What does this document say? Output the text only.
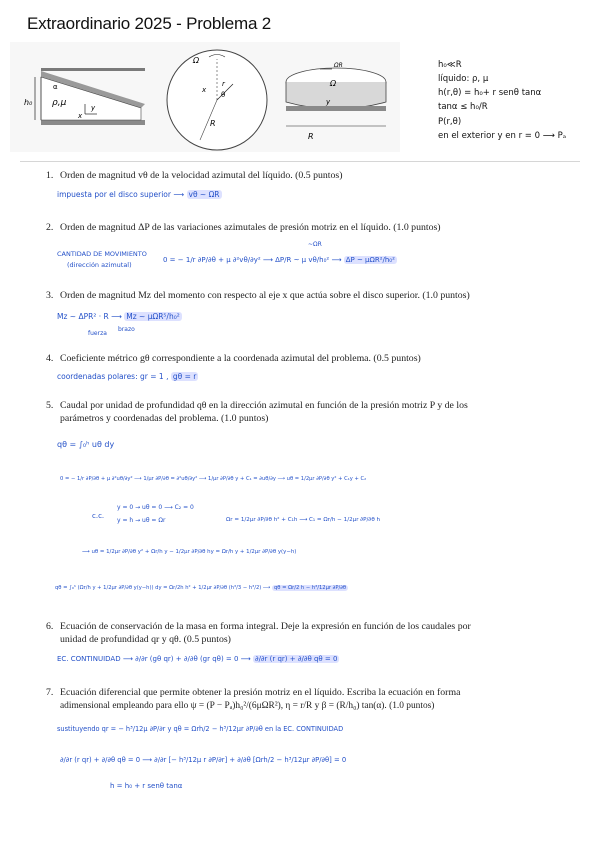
Extraordinario 2025 - Problema 2
h₀
α
ρ,μ	y
x
Ω
x
r
θ
R
Ω
ΩR
y
R
h₀≪R
líquido: ρ, μ
h(r,θ) = h₀+ r senθ tanα
tanα ≤ h₀/R
P(r,θ)
en el exterior y en r = 0 ⟶ Pₐ
1. Orden de magnitud vθ de la velocidad azimutal del líquido. (0.5 puntos)
impuesta por el disco superior ⟶ vθ ~ ΩR
2. Orden de magnitud ΔP de las variaciones azimutales de presión motriz en el líquido. (1.0 puntos)
CANTIDAD DE MOVIMIENTO
(dirección azimutal)
~ΩR
0 = − 1/r ∂P/∂θ + μ ∂²vθ/∂y² ⟶ ΔP/R ~ μ vθ/h₀² ⟶ ΔP ~ μΩR²/h₀²
3. Orden de magnitud Mz del momento con respecto al eje x que actúa sobre el disco superior. (1.0 puntos)
Mz ~ ΔPR² · R ⟶ Mz ~ μΩR⁵/h₀²
fuerza
brazo
4. Coeficiente métrico gθ correspondiente a la coordenada azimutal del problema. (0.5 puntos)
coordenadas polares: gr = 1 , gθ = r
5. Caudal por unidad de profundidad qθ en la dirección azimutal en función de la presión motriz P y de los
parámetros y coordenadas del problema. (1.0 puntos)
qθ = ∫₀ʰ uθ dy
0 = − 1/r ∂P/∂θ + μ ∂²uθ/∂y² ⟶ 1/μr ∂P/∂θ = ∂²uθ/∂y² ⟶ 1/μr ∂P/∂θ y + C₁ = ∂uθ/∂y ⟶ uθ = 1/2μr ∂P/∂θ y² + C₁y + C₂
c.c.
y = 0 → uθ = 0 ⟶ C₂ = 0
y = h → uθ = Ωr	Ωr = 1/2μr ∂P/∂θ h² + C₁h ⟶ C₁ = Ωr/h − 1/2μr ∂P/∂θ h
⟶ uθ = 1/2μr ∂P/∂θ y² + Ωr/h y − 1/2μr ∂P/∂θ hy = Ωr/h y + 1/2μr ∂P/∂θ y(y−h)
qθ = ∫₀ʰ (Ωr/h y + 1/2μr ∂P/∂θ y(y−h)) dy = Ωr/2h h² + 1/2μr ∂P/∂θ (h³/3 − h³/2) ⟶ qθ = Ωr/2 h − h³/12μr ∂P/∂θ
6. Ecuación de conservación de la masa en forma integral. Deje la expresión en función de los caudales por
unidad de profundidad qr y qθ. (0.5 puntos)
EC. CONTINUIDAD ⟶ ∂/∂r (gθ qr) + ∂/∂θ (gr qθ) = 0 ⟶ ∂/∂r (r qr) + ∂/∂θ qθ = 0
7. Ecuación diferencial que permite obtener la presión motriz en el líquido. Escriba la ecuación en forma
adimensional empleando para ello ψ = (P − Pₐ)h₀²/(6μΩR²), η = r/R y β = (R/h₀) tan(α). (1.0 puntos)
sustituyendo qr = − h³/12μ ∂P/∂r y qθ = Ωrh/2 − h³/12μr ∂P/∂θ en la EC. CONTINUIDAD
∂/∂r (r qr) + ∂/∂θ qθ = 0 ⟶ ∂/∂r [− h³/12μ r ∂P/∂r] + ∂/∂θ [Ωrh/2 − h³/12μr ∂P/∂θ] = 0
h = h₀ + r senθ tanα
